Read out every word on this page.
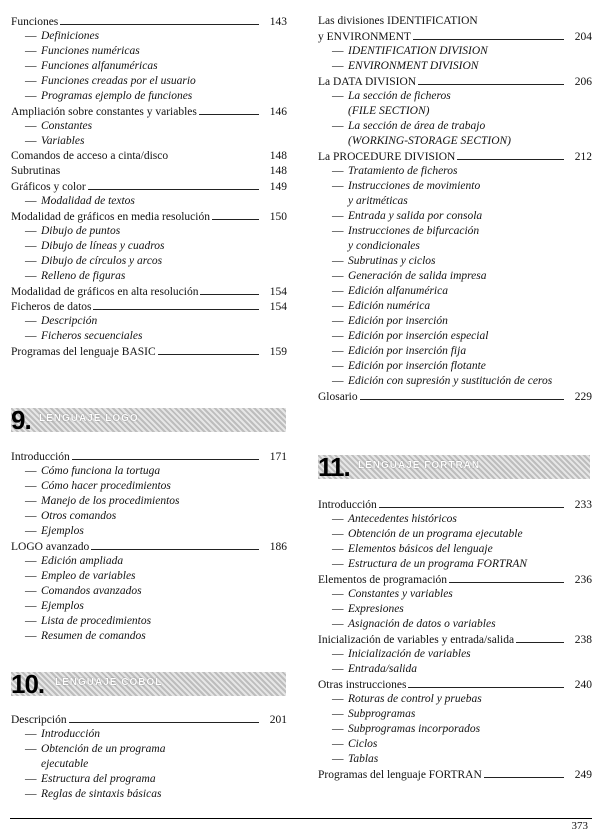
Funciones	143
— Definiciones
— Funciones numéricas
— Funciones alfanuméricas
— Funciones creadas por el usuario
— Programas ejemplo de funciones
Ampliación sobre constantes y variables	146
— Constantes
— Variables
Comandos de acceso a cinta/disco	148
Subrutinas	148
Gráficos y color	149
— Modalidad de textos
Modalidad de gráficos en media resolución	150
— Dibujo de puntos
— Dibujo de líneas y cuadros
— Dibujo de círculos y arcos
— Relleno de figuras
Modalidad de gráficos en alta resolución	154
Ficheros de datos	154
— Descripción
— Ficheros secuenciales
Programas del lenguaje BASIC	159
9. LENGUAJE LOGO
Introducción	171
— Cómo funciona la tortuga
— Cómo hacer procedimientos
— Manejo de los procedimientos
— Otros comandos
— Ejemplos
LOGO avanzado	186
— Edición ampliada
— Empleo de variables
— Comandos avanzados
— Ejemplos
— Lista de procedimientos
— Resumen de comandos
10. LENGUAJE COBOL
Descripción	201
— Introducción
— Obtención de un programa
ejecutable
— Estructura del programa
— Reglas de sintaxis básicas
Las divisiones IDENTIFICATION
y ENVIRONMENT	204
— IDENTIFICATION DIVISION
— ENVIRONMENT DIVISION
La DATA DIVISION	206
— La sección de ficheros
(FILE SECTION)
— La sección de área de trabajo
(WORKING-STORAGE SECTION)
La PROCEDURE DIVISION	212
— Tratamiento de ficheros
— Instrucciones de movimiento
y aritméticas
— Entrada y salida por consola
— Instrucciones de bifurcación
y condicionales
— Subrutinas y ciclos
— Generación de salida impresa
— Edición alfanumérica
— Edición numérica
— Edición por inserción
— Edición por inserción especial
— Edición por inserción fija
— Edición por inserción flotante
— Edición con supresión y sustitución de ceros
Glosario	229
11. LENGUAJE FORTRAN
Introducción	233
— Antecedentes históricos
— Obtención de un programa ejecutable
— Elementos básicos del lenguaje
— Estructura de un programa FORTRAN
Elementos de programación	236
— Constantes y variables
— Expresiones
— Asignación de datos o variables
Inicialización de variables y entrada/salida	238
— Inicialización de variables
— Entrada/salida
Otras instrucciones	240
— Roturas de control y pruebas
— Subprogramas
— Subprogramas incorporados
— Ciclos
— Tablas
Programas del lenguaje FORTRAN	249
373
